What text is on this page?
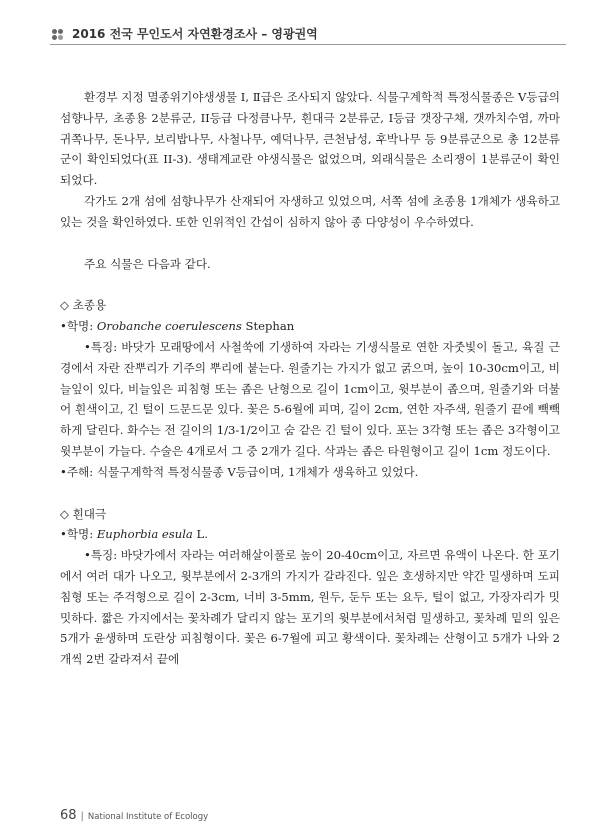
2016 전국 무인도서 자연환경조사 – 영광권역

환경부 지정 멸종위기야생생물 Ⅰ, Ⅱ급은 조사되지 않았다. 식물구계학적 특정식물종은 V등급의 섬향나무, 초종용 2분류군, II등급 다정큼나무, 흰대극 2분류군, I등급 갯장구채, 갯까치수염, 까마귀쪽나무, 돈나무, 보리밥나무, 사철나무, 예덕나무, 큰천남성, 후박나무 등 9분류군으로 총 12분류군이 확인되었다(표 II-3). 생태계교란 야생식물은 없었으며, 외래식물은 소리쟁이 1분류군이 확인되었다.

각가도 2개 섬에 섬향나무가 산재되어 자생하고 있었으며, 서쪽 섬에 초종용 1개체가 생육하고 있는 것을 확인하였다. 또한 인위적인 간섭이 심하지 않아 종 다양성이 우수하였다.

주요 식물은 다음과 같다.

◇ 초종용

•학명: Orobanche coerulescens Stephan

•특징: 바닷가 모래땅에서 사철쑥에 기생하여 자라는 기생식물로 연한 자줏빛이 돌고, 육질 근경에서 자란 잔뿌리가 기주의 뿌리에 붙는다. 원줄기는 가지가 없고 굵으며, 높이 10-30cm이고, 비늘잎이 있다, 비늘잎은 피침형 또는 좁은 난형으로 길이 1cm이고, 윗부분이 좁으며, 원줄기와 더불어 흰색이고, 긴 털이 드문드문 있다. 꽃은 5-6월에 피며, 길이 2cm, 연한 자주색, 원줄기 끝에 빽빽하게 달린다. 화수는 전 길이의 1/3-1/2이고 숨 같은 긴 털이 있다. 포는 3각형 또는 좁은 3각형이고 윗부분이 가늘다. 수술은 4개로서 그 중 2개가 길다. 삭과는 좁은 타원형이고 길이 1cm 정도이다.

•주해: 식물구계학적 특정식물종 V등급이며, 1개체가 생육하고 있었다.

◇ 흰대극

•학명: Euphorbia esula L.

•특징: 바닷가에서 자라는 여러해살이풀로 높이 20-40cm이고, 자르면 유액이 나온다. 한 포기에서 여러 대가 나오고, 윗부분에서 2-3개의 가지가 갈라진다. 잎은 호생하지만 약간 밀생하며 도피침형 또는 주걱형으로 길이 2-3cm, 너비 3-5mm, 원두, 둔두 또는 요두, 털이 없고, 가장자리가 밋밋하다. 짧은 가지에서는 꽃차례가 달리지 않는 포기의 윗부분에서처럼 밀생하고, 꽃차례 밑의 잎은 5개가 윤생하며 도란상 피침형이다. 꽃은 6-7월에 피고 황색이다. 꽃차례는 산형이고 5개가 나와 2개씩 2번 갈라져서 끝에

68 | National Institute of Ecology
